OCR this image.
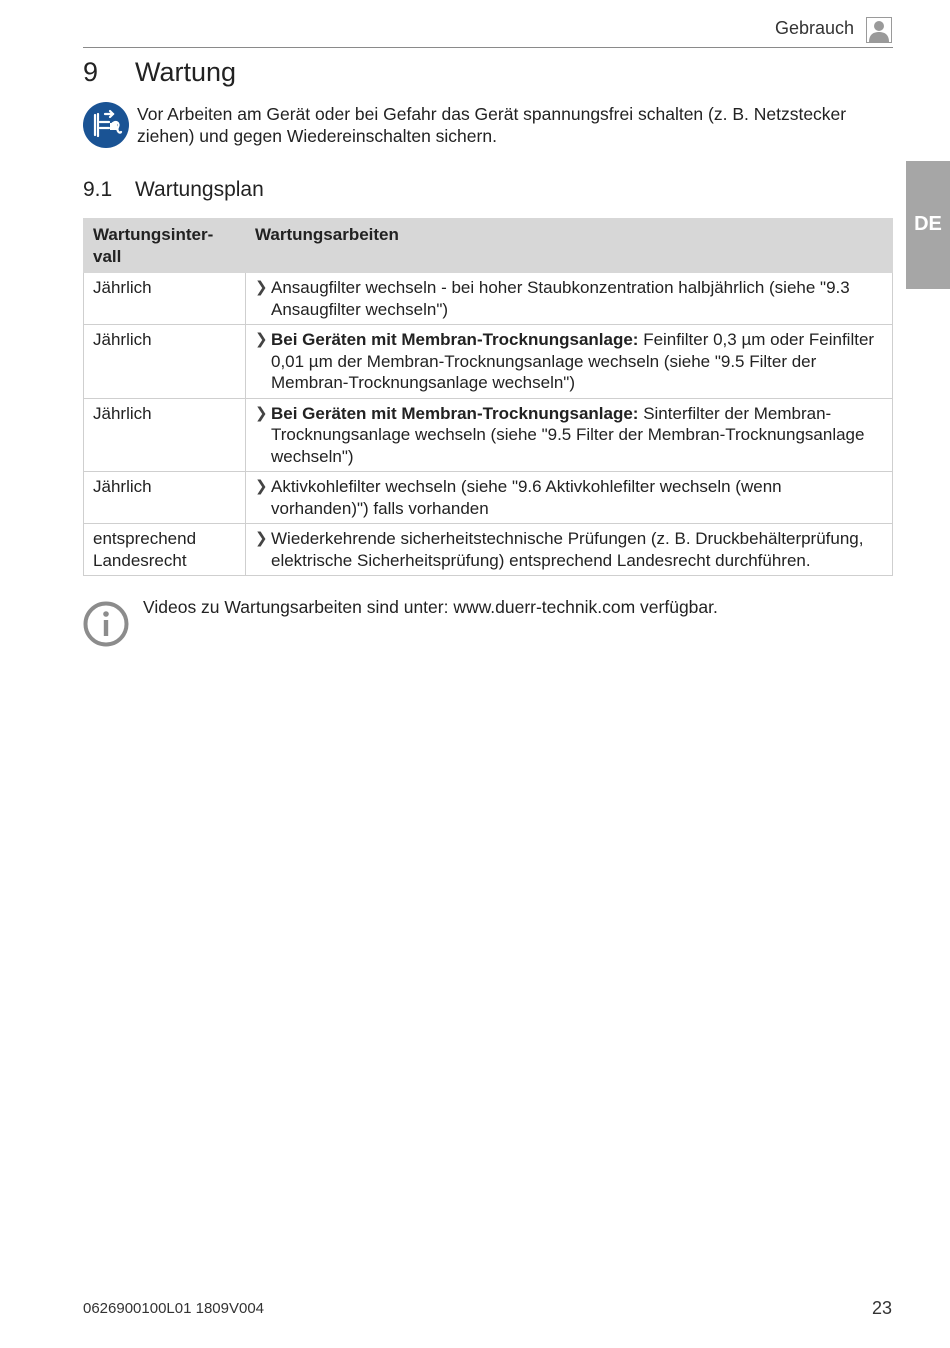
Gebrauch
DE
9 Wartung
Vor Arbeiten am Gerät oder bei Gefahr das Gerät spannungsfrei schalten (z. B. Netzstecker ziehen) und gegen Wiedereinschalten sichern.
9.1 Wartungsplan
Wartungsinter-
vall	Wartungsarbeiten
Jährlich	❯ Ansaugfilter wechseln - bei hoher Staubkonzentration halbjährlich (siehe "9.3 Ansaugfilter wechseln")

Jährlich	❯ Bei Geräten mit Membran-Trocknungsanlage: Feinfilter 0,3 µm oder Feinfilter 0,01 µm der Membran-Trocknungsanlage wechseln (siehe "9.5 Filter der Membran-Trocknungsanlage wechseln")

Jährlich	❯ Bei Geräten mit Membran-Trocknungsanlage: Sinterfilter der Membran-Trocknungsanlage wechseln (siehe "9.5 Filter der Membran-Trocknungsanlage wechseln")

Jährlich	❯ Aktivkohlefilter wechseln (siehe "9.6 Aktivkohlefilter wechseln (wenn vorhanden)") falls vorhanden

entsprechend Landesrecht	❯ Wiederkehrende sicherheitstechnische Prüfungen (z. B. Druckbehälterprüfung, elektrische Sicherheitsprüfung) entsprechend Landesrecht durchführen.
Videos zu Wartungsarbeiten sind unter: www.duerr-technik.com verfügbar.
0626900100L01 1809V004	23
